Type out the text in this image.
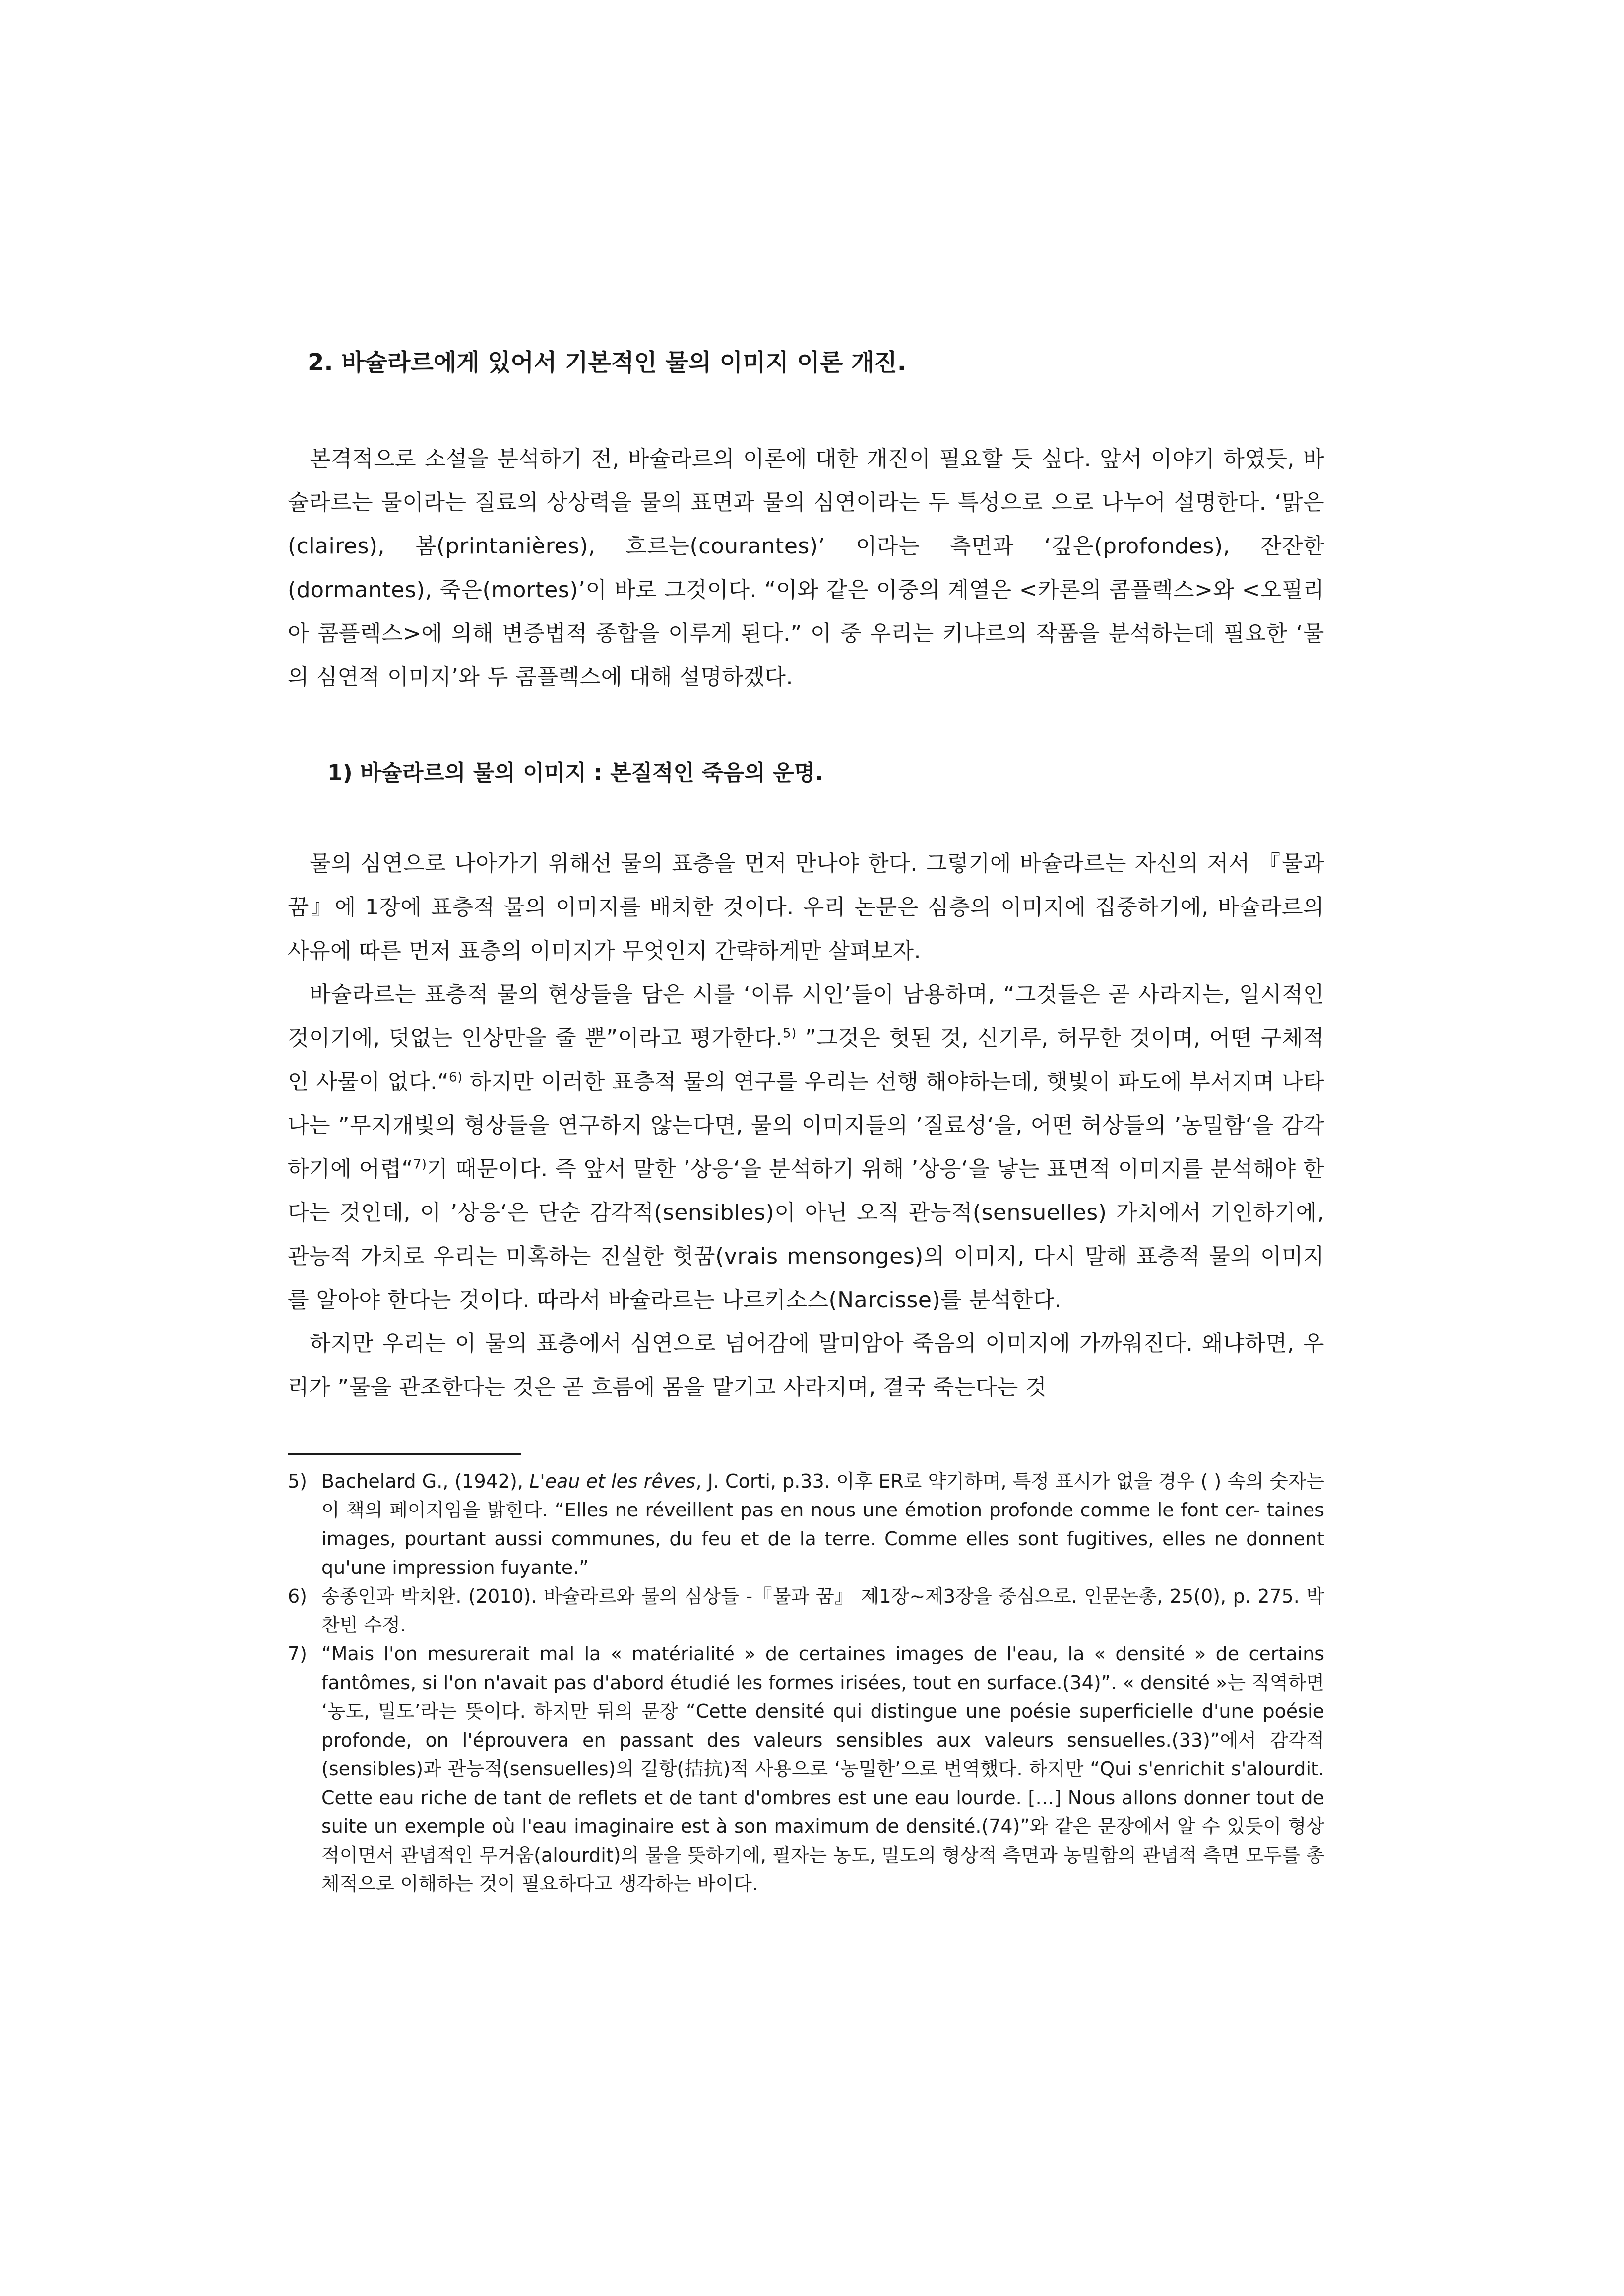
2. 바슐라르에게 있어서 기본적인 물의 이미지 이론 개진.

본격적으로 소설을 분석하기 전, 바슐라르의 이론에 대한 개진이 필요할 듯 싶다. 앞서 이야기 하였듯, 바슐라르는 물이라는 질료의 상상력을 물의 표면과 물의 심연이라는 두 특성으로 으로 나누어 설명한다. ‘맑은(claires), 봄(printanières), 흐르는(courantes)’ 이라는 측면과 ‘깊은(profondes), 잔잔한(dormantes), 죽은(mortes)’이 바로 그것이다. “이와 같은 이중의 계열은 <카론의 콤플렉스>와 <오필리아 콤플렉스>에 의해 변증법적 종합을 이루게 된다.” 이 중 우리는 키냐르의 작품을 분석하는데 필요한 ‘물의 심연적 이미지’와 두 콤플렉스에 대해 설명하겠다.

1) 바슐라르의 물의 이미지 : 본질적인 죽음의 운명.

물의 심연으로 나아가기 위해선 물의 표층을 먼저 만나야 한다. 그렇기에 바슐라르는 자신의 저서 『물과 꿈』에 1장에 표층적 물의 이미지를 배치한 것이다. 우리 논문은 심층의 이미지에 집중하기에, 바슐라르의 사유에 따른 먼저 표층의 이미지가 무엇인지 간략하게만 살펴보자.

바슐라르는 표층적 물의 현상들을 담은 시를 ‘이류 시인’들이 남용하며, “그것들은 곧 사라지는, 일시적인 것이기에, 덧없는 인상만을 줄 뿐”이라고 평가한다.$^{5)}$ ”그것은 헛된 것, 신기루, 허무한 것이며, 어떤 구체적인 사물이 없다.“$^{6)}$ 하지만 이러한 표층적 물의 연구를 우리는 선행 해야하는데, 햇빛이 파도에 부서지며 나타나는 ”무지개빛의 형상들을 연구하지 않는다면, 물의 이미지들의 ’질료성‘을, 어떤 허상들의 ’농밀함‘을 감각하기에 어렵“$^{7)}$기 때문이다. 즉 앞서 말한 ’상응‘을 분석하기 위해 ’상응‘을 낳는 표면적 이미지를 분석해야 한다는 것인데, 이 ’상응‘은 단순 감각적(sensibles)이 아닌 오직 관능적(sensuelles) 가치에서 기인하기에, 관능적 가치로 우리는 미혹하는 진실한 헛꿈(vrais mensonges)의 이미지, 다시 말해 표층적 물의 이미지를 알아야 한다는 것이다. 따라서 바슐라르는 나르키소스(Narcisse)를 분석한다.

하지만 우리는 이 물의 표층에서 심연으로 넘어감에 말미암아 죽음의 이미지에 가까워진다. 왜냐하면, 우리가 ”물을 관조한다는 것은 곧 흐름에 몸을 맡기고 사라지며, 결국 죽는다는 것

5) Bachelard G., (1942), L'eau et les rêves, J. Corti, p.33. 이후 ER로 약기하며, 특정 표시가 없을 경우 ( ) 속의 숫자는 이 책의 페이지임을 밝힌다. “Elles ne réveillent pas en nous une émotion profonde comme le font cer- taines images, pourtant aussi communes, du feu et de la terre. Comme elles sont fugitives, elles ne donnent qu'une impression fuyante.”
6) 송종인과 박치완. (2010). 바슐라르와 물의 심상들 -『물과 꿈』 제1장~제3장을 중심으로. 인문논총, 25(0), p. 275. 박찬빈 수정.
7) “Mais l'on mesurerait mal la « matérialité » de certaines images de l'eau, la « densité » de certains fantômes, si l'on n'avait pas d'abord étudié les formes irisées, tout en surface.(34)”. « densité »는 직역하면 ‘농도, 밀도’라는 뜻이다. 하지만 뒤의 문장 “Cette densité qui distingue une poésie superficielle d'une poésie profonde, on l'éprouvera en passant des valeurs sensibles aux valeurs sensuelles.(33)”에서 감각적(sensibles)과 관능적(sensuelles)의 길항(拮抗)적 사용으로 ‘농밀한’으로 번역했다. 하지만 “Qui s'enrichit s'alourdit. Cette eau riche de tant de reflets et de tant d'ombres est une eau lourde. […] Nous allons donner tout de suite un exemple où l'eau imaginaire est à son maximum de densité.(74)”와 같은 문장에서 알 수 있듯이 형상적이면서 관념적인 무거움(alourdit)의 물을 뜻하기에, 필자는 농도, 밀도의 형상적 측면과 농밀함의 관념적 측면 모두를 총체적으로 이해하는 것이 필요하다고 생각하는 바이다.
